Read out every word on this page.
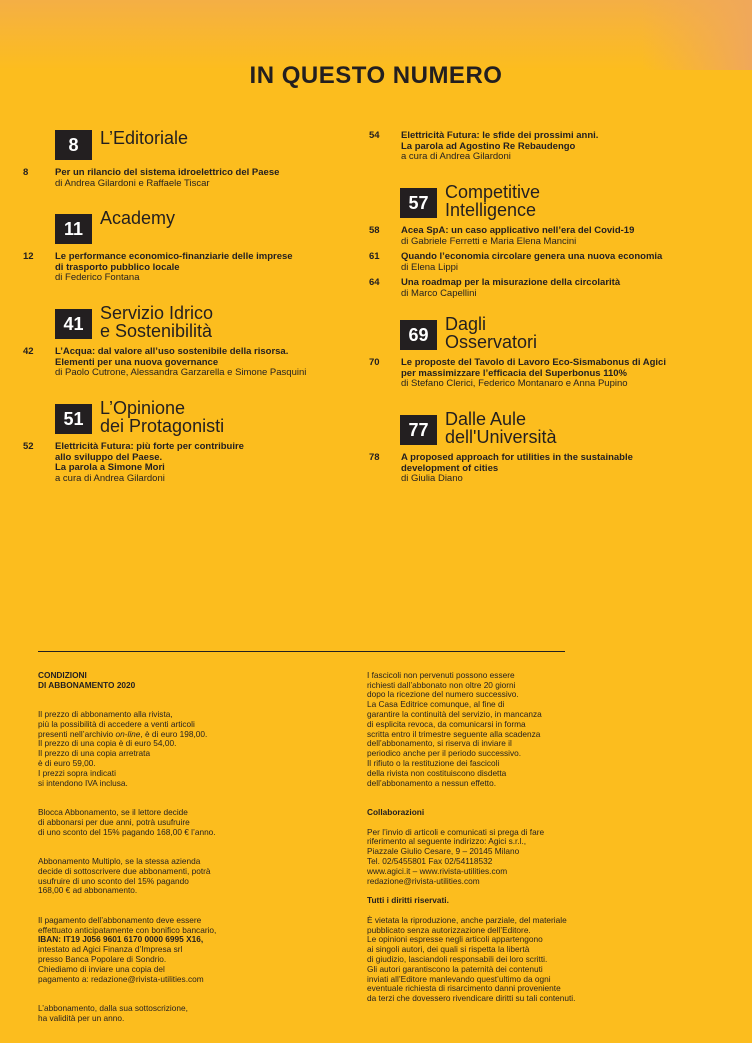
IN QUESTO NUMERO
8	L’Editoriale
8	Per un rilancio del sistema idroelettrico del Paese
di Andrea Gilardoni e Raffaele Tiscar
11
Academy
12 Le performance economico-finanziarie delle imprese
di trasporto pubblico locale
di Federico Fontana
41
Servizio Idrico
e Sostenibilità
42 L’Acqua: dal valore all’uso sostenibile della risorsa.
Elementi per una nuova governance
di Paolo Cutrone, Alessandra Garzarella e Simone Pasquini
51
L’Opinione
dei Protagonisti
52 Elettricità Futura: più forte per contribuire
allo sviluppo del Paese.
La parola a Simone Mori
a cura di Andrea Gilardoni
54 Elettricità Futura: le sfide dei prossimi anni.
La parola ad Agostino Re Rebaudengo
a cura di Andrea Gilardoni
57
Competitive
Intelligence
58 Acea SpA: un caso applicativo nell’era del Covid-19
di Gabriele Ferretti e Maria Elena Mancini
61 Quando l’economia circolare genera una nuova economia
di Elena Lippi
64 Una roadmap per la misurazione della circolarità
di Marco Capellini
69
Dagli
Osservatori
70 Le proposte del Tavolo di Lavoro Eco-Sismabonus di Agici
per massimizzare l’efficacia del Superbonus 110%
di Stefano Clerici, Federico Montanaro e Anna Pupino
77
Dalle Aule
dell'Università
78 A proposed approach for utilities in the sustainable
development of cities
di Giulia Diano

CONDIZIONI
DI ABBONAMENTO 2020

Il prezzo di abbonamento alla rivista,
più la possibilità di accedere a venti articoli
presenti nell’archivio on-line, è di euro 198,00.
Il prezzo di una copia è di euro 54,00.
Il prezzo di una copia arretrata
è di euro 59,00.
I prezzi sopra indicati
si intendono IVA inclusa.

Blocca Abbonamento, se il lettore decide
di abbonarsi per due anni, potrà usufruire
di uno sconto del 15% pagando 168,00 € l’anno.

Abbonamento Multiplo, se la stessa azienda
decide di sottoscrivere due abbonamenti, potrà
usufruire di uno sconto del 15% pagando
168,00 € ad abbonamento.

Il pagamento dell’abbonamento deve essere
effettuato anticipatamente con bonifico bancario,
IBAN: IT19 J056 9601 6170 0000 6995 X16,
intestato ad Agici Finanza d’Impresa srl
presso Banca Popolare di Sondrio.
Chiediamo di inviare una copia del
pagamento a: redazione@rivista-utilities.com

L’abbonamento, dalla sua sottoscrizione,
ha validità per un anno.

I fascicoli non pervenuti possono essere
richiesti dall’abbonato non oltre 20 giorni
dopo la ricezione del numero successivo.
La Casa Editrice comunque, al fine di
garantire la continuità del servizio, in mancanza
di esplicita revoca, da comunicarsi in forma
scritta entro il trimestre seguente alla scadenza
dell’abbonamento, si riserva di inviare il
periodico anche per il periodo successivo.
Il rifiuto o la restituzione dei fascicoli
della rivista non costituiscono disdetta
dell’abbonamento a nessun effetto.

Collaborazioni

Per l’invio di articoli e comunicati si prega di fare
riferimento al seguente indirizzo: Agici s.r.l.,
Piazzale Giulio Cesare, 9 – 20145 Milano
Tel. 02/5455801 Fax 02/54118532
www.agici.it – www.rivista-utilities.com
redazione@rivista-utilities.com

Tutti i diritti riservati.

È vietata la riproduzione, anche parziale, del materiale
pubblicato senza autorizzazione dell’Editore.
Le opinioni espresse negli articoli appartengono
ai singoli autori, dei quali si rispetta la libertà
di giudizio, lasciandoli responsabili dei loro scritti.
Gli autori garantiscono la paternità dei contenuti
inviati all’Editore manlevando quest’ultimo da ogni
eventuale richiesta di risarcimento danni proveniente
da terzi che dovessero rivendicare diritti su tali contenuti.
